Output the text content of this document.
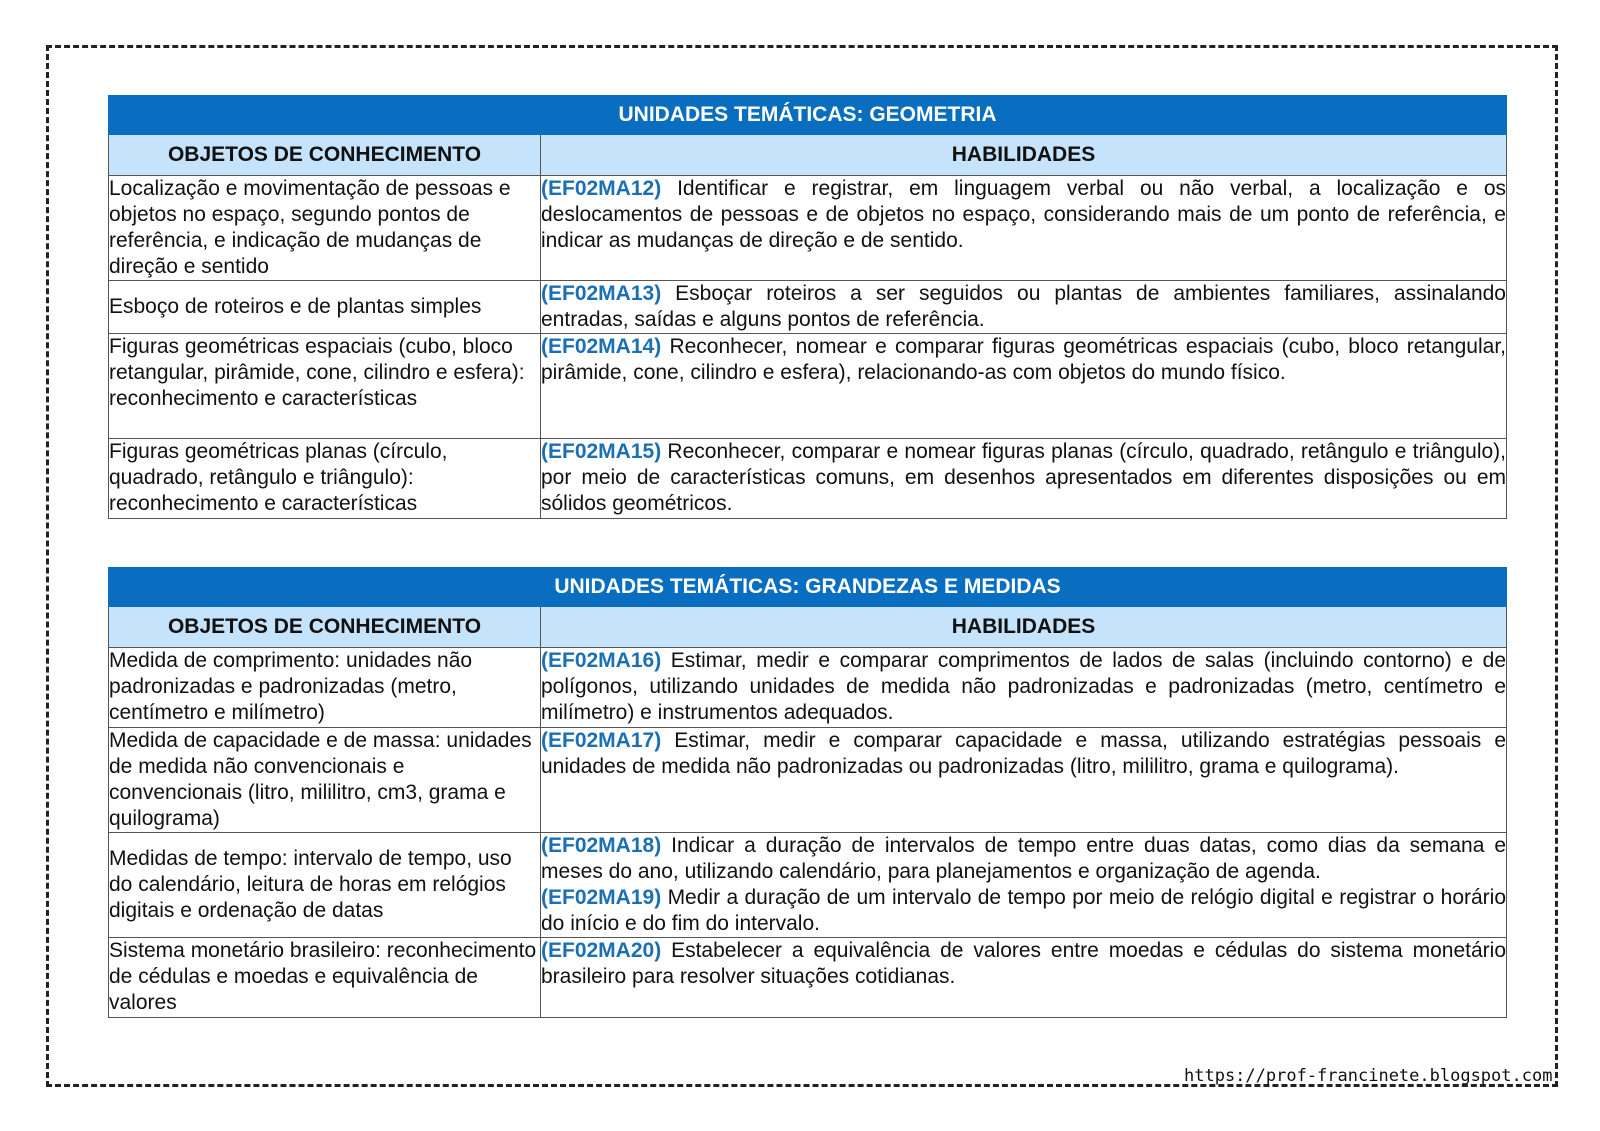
UNIDADES TEMÁTICAS: GEOMETRIA	
OBJETOS DE CONHECIMENTO	HABILIDADES
Localização e movimentação de pessoas e objetos no espaço, segundo pontos de referência, e indicação de mudanças de direção e sentido	(EF02MA12) Identificar e registrar, em linguagem verbal ou não verbal, a localização e os deslocamentos de pessoas e de objetos no espaço, considerando mais de um ponto de referência, e indicar as mudanças de direção e de sentido.
Esboço de roteiros e de plantas simples	(EF02MA13) Esboçar roteiros a ser seguidos ou plantas de ambientes familiares, assinalando entradas, saídas e alguns pontos de referência.
Figuras geométricas espaciais (cubo, bloco retangular, pirâmide, cone, cilindro e esfera): reconhecimento e características	(EF02MA14) Reconhecer, nomear e comparar figuras geométricas espaciais (cubo, bloco retangular, pirâmide, cone, cilindro e esfera), relacionando-as com objetos do mundo físico.
Figuras geométricas planas (círculo, quadrado, retângulo e triângulo): reconhecimento e características	(EF02MA15) Reconhecer, comparar e nomear figuras planas (círculo, quadrado, retângulo e triângulo), por meio de características comuns, em desenhos apresentados em diferentes disposições ou em sólidos geométricos.
UNIDADES TEMÁTICAS: GRANDEZAS E MEDIDAS	
OBJETOS DE CONHECIMENTO	HABILIDADES
Medida de comprimento: unidades não padronizadas e padronizadas (metro, centímetro e milímetro)	(EF02MA16) Estimar, medir e comparar comprimentos de lados de salas (incluindo contorno) e de polígonos, utilizando unidades de medida não padronizadas e padronizadas (metro, centímetro e milímetro) e instrumentos adequados.
Medida de capacidade e de massa: unidades de medida não convencionais e convencionais (litro, mililitro, cm3, grama e quilograma)	(EF02MA17) Estimar, medir e comparar capacidade e massa, utilizando estratégias pessoais e unidades de medida não padronizadas ou padronizadas (litro, mililitro, grama e quilograma).
Medidas de tempo: intervalo de tempo, uso do calendário, leitura de horas em relógios digitais e ordenação de datas	(EF02MA18) Indicar a duração de intervalos de tempo entre duas datas, como dias da semana e meses do ano, utilizando calendário, para planejamentos e organização de agenda.
(EF02MA19) Medir a duração de um intervalo de tempo por meio de relógio digital e registrar o horário do início e do fim do intervalo.
Sistema monetário brasileiro: reconhecimento de cédulas e moedas e equivalência de valores	(EF02MA20) Estabelecer a equivalência de valores entre moedas e cédulas do sistema monetário brasileiro para resolver situações cotidianas.
https://prof-francinete.blogspot.com
